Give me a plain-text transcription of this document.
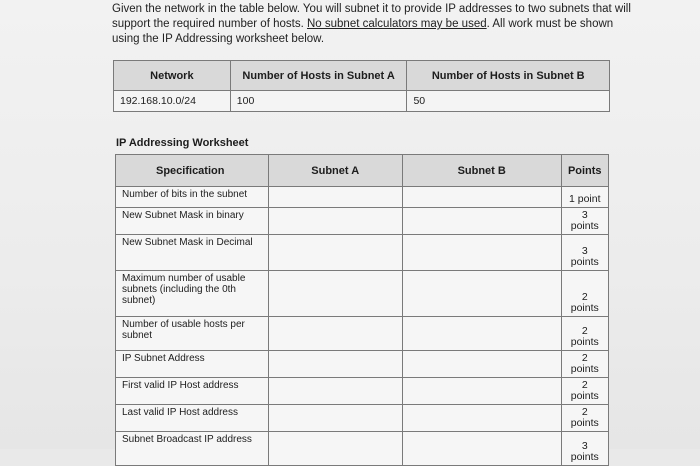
Given the network in the table below. You will subnet it to provide IP addresses to two subnets that will support the required number of hosts. No subnet calculators may be used. All work must be shown using the IP Addressing worksheet below.
Network	Number of Hosts in Subnet A	Number of Hosts in Subnet B
192.168.10.0/24	100	50
IP Addressing Worksheet
Specification	Subnet A	Subnet B	Points
Number of bits in the subnet			1 point
New Subnet Mask in binary			3 points
New Subnet Mask in Decimal			3 points
Maximum number of usable subnets (including the 0th subnet)			2 points
Number of usable hosts per subnet			2 points
IP Subnet Address			2 points
First valid IP Host address			2 points
Last valid IP Host address			2 points
Subnet Broadcast IP address			3 points
